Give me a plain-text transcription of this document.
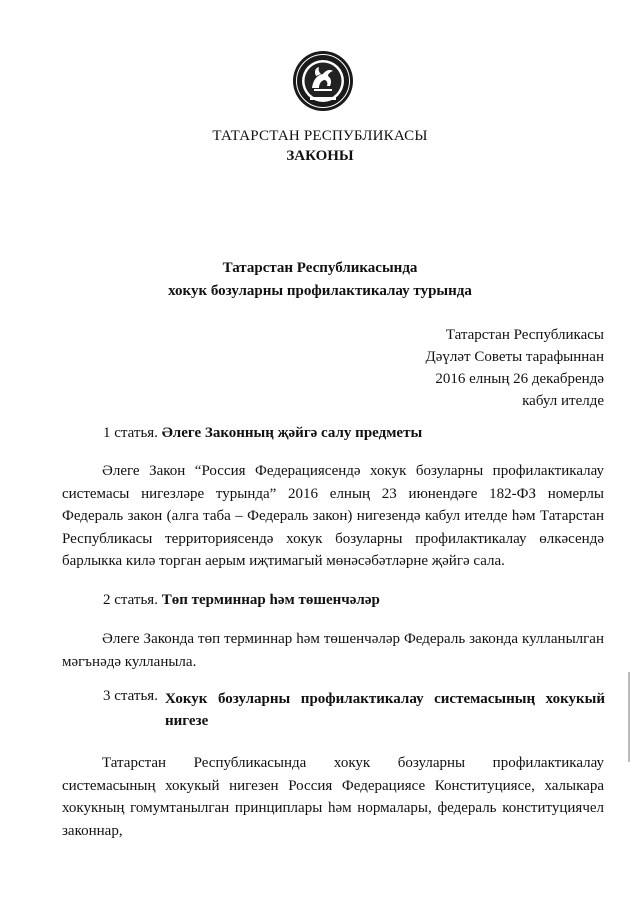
ТАТАРСТАН РЕСПУБЛИКАСЫ
ЗАКОНЫ
Татарстан Республикасында
хокук бозуларны профилактикалау турында
Татарстан Республикасы
Дәүләт Советы тарафыннан
2016 елның 26 декабрендә
кабул ителде
1 статья. Әлеге Законның җәйгә салу предметы

Әлеге Закон “Россия Федерациясендә хокук бозуларны профилактикалау системасы нигезләре турында” 2016 елның 23 июнендәге 182-ФЗ номерлы Федераль закон (алга таба – Федераль закон) нигезендә кабул ителде һәм Татарстан Республикасы территориясендә хокук бозуларны профилактикалау өлкәсендә барлыкка килә торган аерым иҗтимагый мөнәсәбәтләрне җәйгә сала.

2 статья. Төп терминнар һәм төшенчәләр

Әлеге Законда төп терминнар һәм төшенчәләр Федераль законда кулланылган мәгънәдә кулланыла.

3 статья. Хокук бозуларны профилактикалау системасының хокукый нигезе

Татарстан Республикасында хокук бозуларны профилактикалау системасының хокукый нигезен Россия Федерациясе Конституциясе, халыкара хокукның гомумтанылган принциплары һәм нормалары, федераль конституциячел законнар,
